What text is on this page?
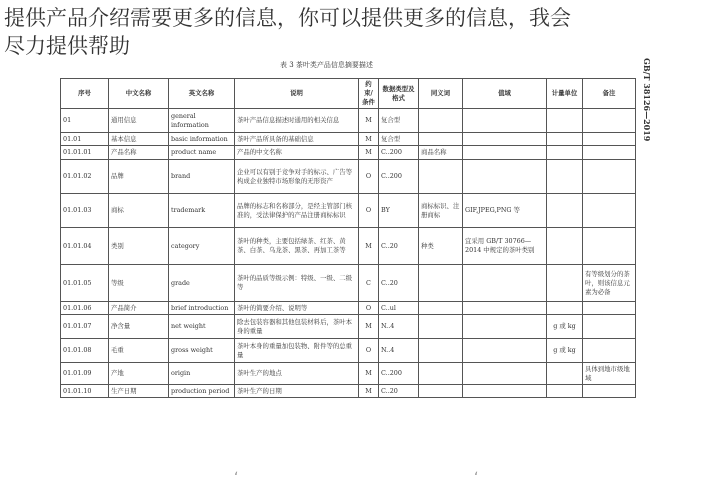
提供产品介绍需要更多的信息，你可以提供更多的信息，我会
尽力提供帮助
表 3 茶叶类产品信息摘要描述	GB/T 38126—2019
序号	中文名称	英文名称	说明	约束/条件	数据类型及格式	同义词	值域	计量单位	备注
01	通用信息	general information	茶叶产品信息描述时通用的相关信息	M	复合型				
01.01	基本信息	basic information	茶叶产品所具备的基础信息	M	复合型				
01.01.01	产品名称	product name	产品的中文名称	M	C..200	商品名称			
01.01.02	品牌	brand	企业可以有别于竞争对手的标示、广告等构成企业独特市场形象的无形资产	O	C..200				
01.01.03	商标	trademark	品牌的标志和名称部分，是经主管部门核准的，受法律保护的产品注册商标标识	O	BY	商标标识、注册商标	GIF,JPEG,PNG 等		
01.01.04	类别	category	茶叶的种类，主要包括绿茶、红茶、黄茶、白茶、乌龙茶、黑茶、再加工茶等	M	C..20	种类	宜采用 GB/T 30766—2014 中规定的茶叶类别		
01.01.05	等级	grade	茶叶的品质等级示例：特级、一级、二级等	C	C..20				有等级划分的茶叶，则该信息元素为必备
01.01.06	产品简介	brief introduction	茶叶的简要介绍、说明等	O	C..ul				
01.01.07	净含量	net weight	除去包装容器和其他包装材料后，茶叶本身的重量	M	N..4			g 或 kg	
01.01.08	毛重	gross weight	茶叶本身的重量加包装物、附件等的总重量	O	N..4			g 或 kg	
01.01.09	产地	origin	茶叶生产的地点	M	C..200				具体到地市级地域
01.01.10	生产日期	production period	茶叶生产的日期	M	C..20				
ʻ	ʻ
